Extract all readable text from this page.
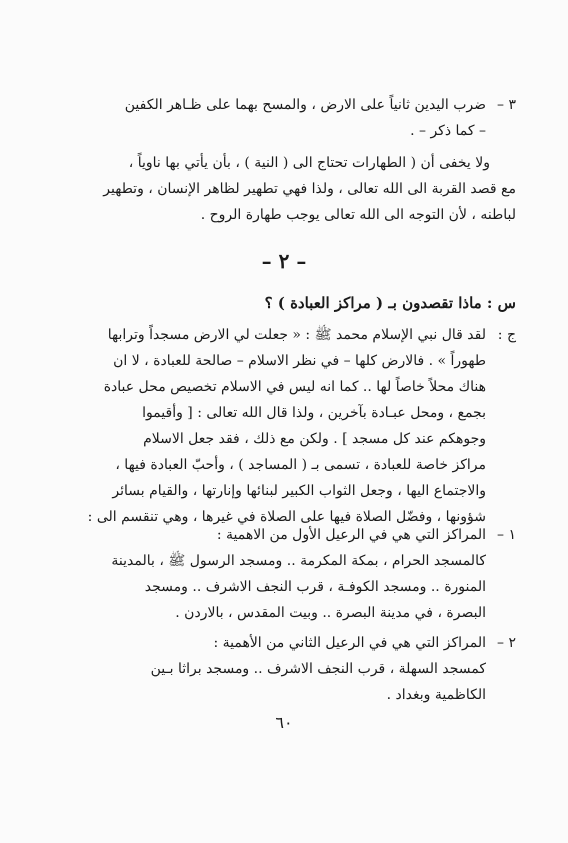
٣ –
ضرب اليدين ثانياً على الارض ، والمسح بهما على ظـاهر الكفين
– كما ذكر – .
ولا يخفى أن ( الطهارات تحتاج الى ( النية ) ، بأن يأتي بها ناوياً ،
مع قصد القربة الى الله تعالى ، ولذا فهي تطهير لظاهر الإنسان ، وتطهير
لباطنه ، لأن التوجه الى الله تعالى يوجب طهارة الروح .
– ٢ –
س : ماذا تقصدون بـ ( مراكز العبادة ) ؟
ج :
لقد قال نبي الإسلام محمد ﷺ : « جعلت لي الارض مسجداً وترابها
طهوراً » . فالارض كلها – في نظر الاسلام – صالحة للعبادة ، لا ان
هناك محلاً خاصاً لها .. كما انه ليس في الاسلام تخصيص محل عبادة
بجمع ، ومحل عبـادة بآخرين ، ولذا قال الله تعالى : [ وأقيموا
وجوهكم عند كل مسجد ] . ولكن مع ذلك ، فقد جعل الاسلام
مراكز خاصة للعبادة ، تسمى بـ ( المساجد ) ، وأحبّ العبادة فيها ،
والاجتماع اليها ، وجعل الثواب الكبير لبنائها وإنارتها ، والقيام بسائر
شؤونها ، وفضّل الصلاة فيها على الصلاة في غيرها ، وهي تنقسم الى :
١ –
المراكز التي هي في الرعيل الأول من الاهمية :
كالمسجد الحرام ، بمكة المكرمة .. ومسجد الرسول ﷺ ، بالمدينة
المنورة .. ومسجد الكوفـة ، قرب النجف الاشرف .. ومسجد
البصرة ، في مدينة البصرة .. وبيت المقدس ، بالاردن .
٢ –
المراكز التي هي في الرعيل الثاني من الأهمية :
كمسجد السهلة ، قرب النجف الاشرف .. ومسجد براثا بـين
الكاظمية وبغداد .
٦٠
